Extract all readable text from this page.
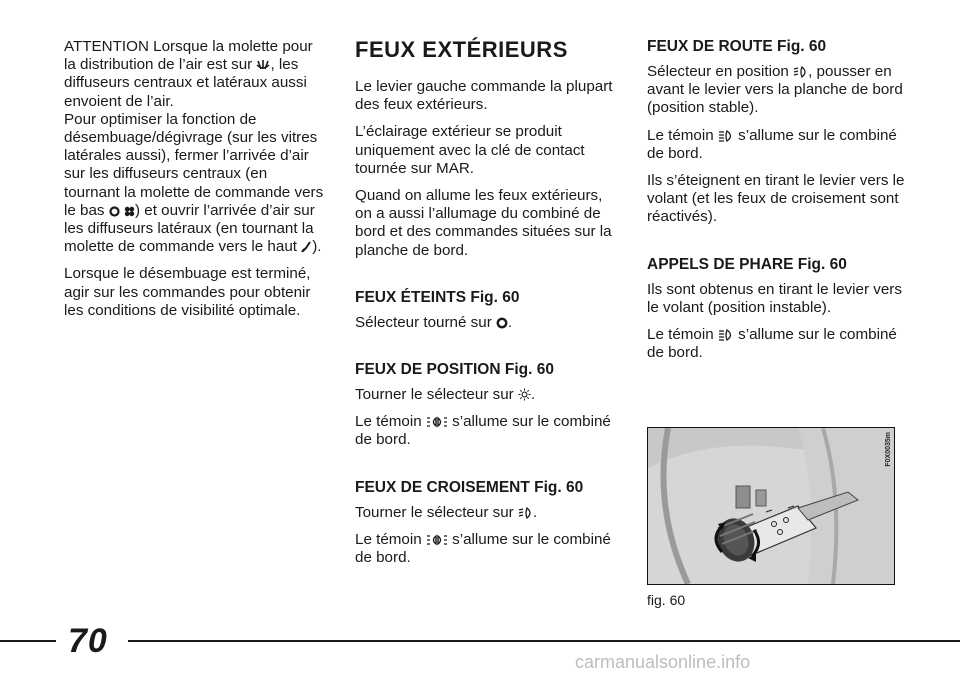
ATTENTION Lorsque la molette pour la distribution de l’air est sur
, les diffuseurs centraux et latéraux aussi envoient de l’air.

Pour optimiser la fonction de désembuage/dégivrage (sur les vitres latérales aussi), fermer l’arrivée d’air sur les diffuseurs centraux (en tournant la molette de commande vers le bas

) et ouvrir l’arrivée d’air sur les diffuseurs latéraux (en tournant la molette de commande vers le haut
).

Lorsque le désembuage est terminé, agir sur les commandes pour obtenir les conditions de visibilité optimale.

FEUX EXTÉRIEURS

Le levier gauche commande la plupart des feux extérieurs.

L’éclairage extérieur se produit uniquement avec la clé de contact tournée sur MAR.

Quand on allume les feux extérieurs, on a aussi l’allumage du combiné de bord et des commandes situées sur la planche de bord.

FEUX ÉTEINTS Fig. 60

Sélecteur tourné sur
.

FEUX DE POSITION Fig. 60

Tourner le sélecteur sur
.

Le témoin
s’allume sur le combiné de bord.

FEUX DE CROISEMENT Fig. 60

Tourner le sélecteur sur
.

Le témoin
s’allume sur le combiné de bord.

FEUX DE ROUTE Fig. 60

Sélecteur en position
, pousser en avant le levier vers la planche de bord (position stable).

Le témoin
s’allume sur le combiné de bord.

Ils s’éteignent en tirant le levier vers le volant (et les feux de croisement sont réactivés).

APPELS DE PHARE Fig. 60

Ils sont obtenus en tirant le levier vers le volant (position instable).

Le témoin
s’allume sur le combiné de bord.

F0X0035m
fig. 60
70
carmanualsonline.info
